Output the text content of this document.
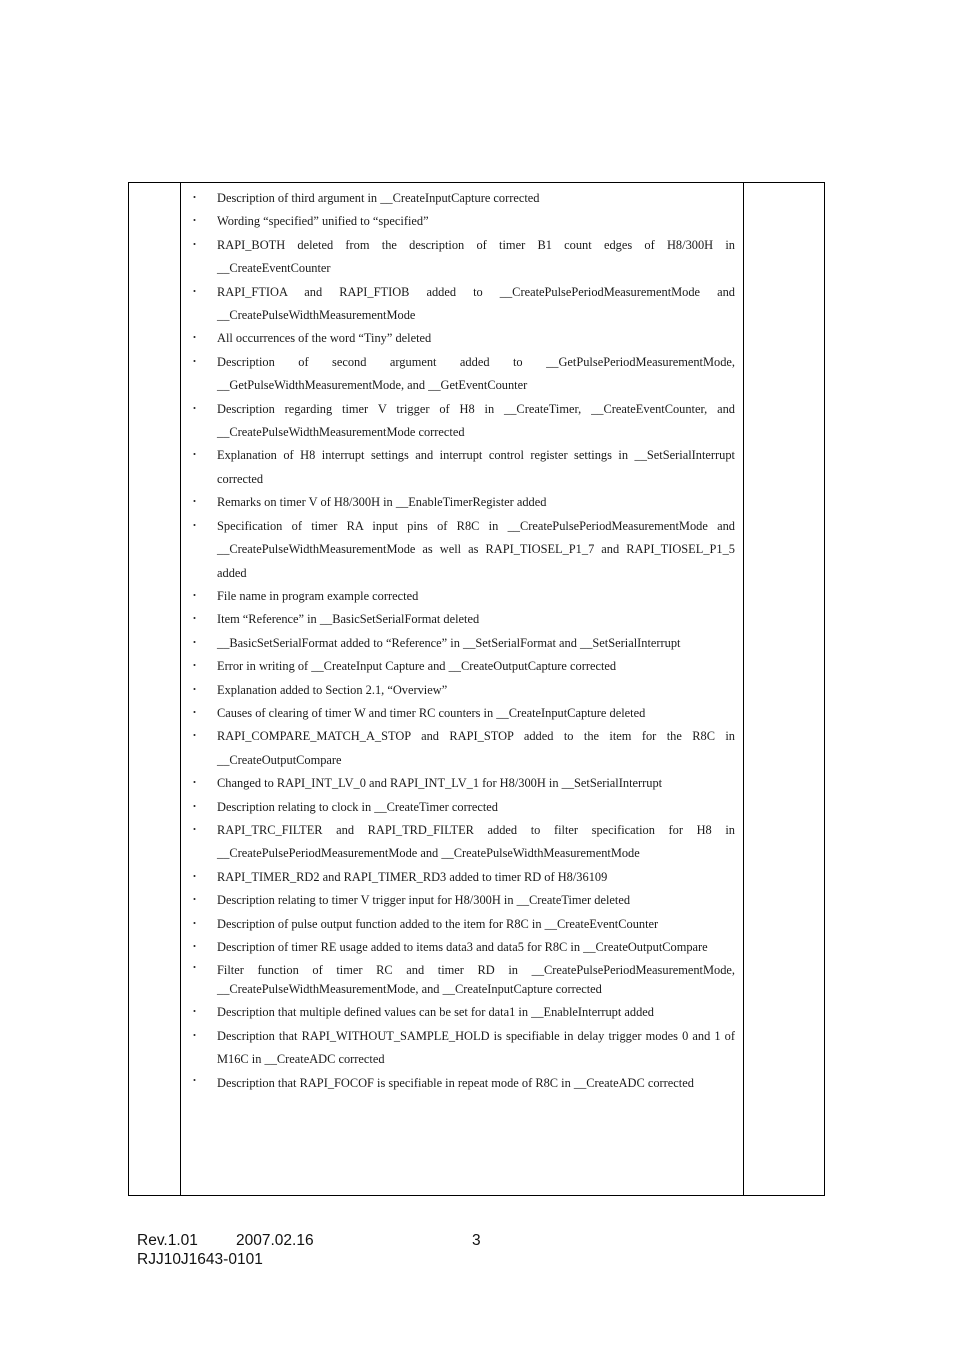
・ Description of third argument in __CreateInputCapture corrected
・ Wording “specified” unified to “specified”
・ RAPI_BOTH deleted from the description of timer B1 count edges of H8/300H in __CreateEventCounter
・ RAPI_FTIOA and RAPI_FTIOB added to __CreatePulsePeriodMeasurementMode and __CreatePulseWidthMeasurementMode
・ All occurrences of the word “Tiny” deleted
・ Description of second argument added to __GetPulsePeriodMeasurementMode, __GetPulseWidthMeasurementMode, and __GetEventCounter
・ Description regarding timer V trigger of H8 in __CreateTimer, __CreateEventCounter, and __CreatePulseWidthMeasurementMode corrected
・ Explanation of H8 interrupt settings and interrupt control register settings in __SetSerialInterrupt corrected
・ Remarks on timer V of H8/300H in __EnableTimerRegister added
・ Specification of timer RA input pins of R8C in __CreatePulsePeriodMeasurementMode and __CreatePulseWidthMeasurementMode as well as RAPI_TIOSEL_P1_7 and RAPI_TIOSEL_P1_5 added
・ File name in program example corrected
・ Item “Reference” in __BasicSetSerialFormat deleted
・ __BasicSetSerialFormat added to “Reference” in __SetSerialFormat and __SetSerialInterrupt
・ Error in writing of __CreateInput Capture and __CreateOutputCapture corrected
・ Explanation added to Section 2.1, “Overview”
・ Causes of clearing of timer W and timer RC counters in __CreateInputCapture deleted
・ RAPI_COMPARE_MATCH_A_STOP and RAPI_STOP added to the item for the R8C in __CreateOutputCompare
・ Changed to RAPI_INT_LV_0 and RAPI_INT_LV_1 for H8/300H in __SetSerialInterrupt
・ Description relating to clock in __CreateTimer corrected
・ RAPI_TRC_FILTER and RAPI_TRD_FILTER added to filter specification for H8 in __CreatePulsePeriodMeasurementMode and __CreatePulseWidthMeasurementMode
・ RAPI_TIMER_RD2 and RAPI_TIMER_RD3 added to timer RD of H8/36109
・ Description relating to timer V trigger input for H8/300H in __CreateTimer deleted
・ Description of pulse output function added to the item for R8C in __CreateEventCounter
・ Description of timer RE usage added to items data3 and data5 for R8C in __CreateOutputCompare
・ Filter function of timer RC and timer RD in __CreatePulsePeriodMeasurementMode, __CreatePulseWidthMeasurementMode, and __CreateInputCapture corrected
・ Description that multiple defined values can be set for data1 in __EnableInterrupt added
・ Description that RAPI_WITHOUT_SAMPLE_HOLD is specifiable in delay trigger modes 0 and 1 of M16C in __CreateADC corrected
・ Description that RAPI_FOCOF is specifiable in repeat mode of R8C in __CreateADC corrected
Rev.1.01 2007.02.16	3
RJJ10J1643-0101
